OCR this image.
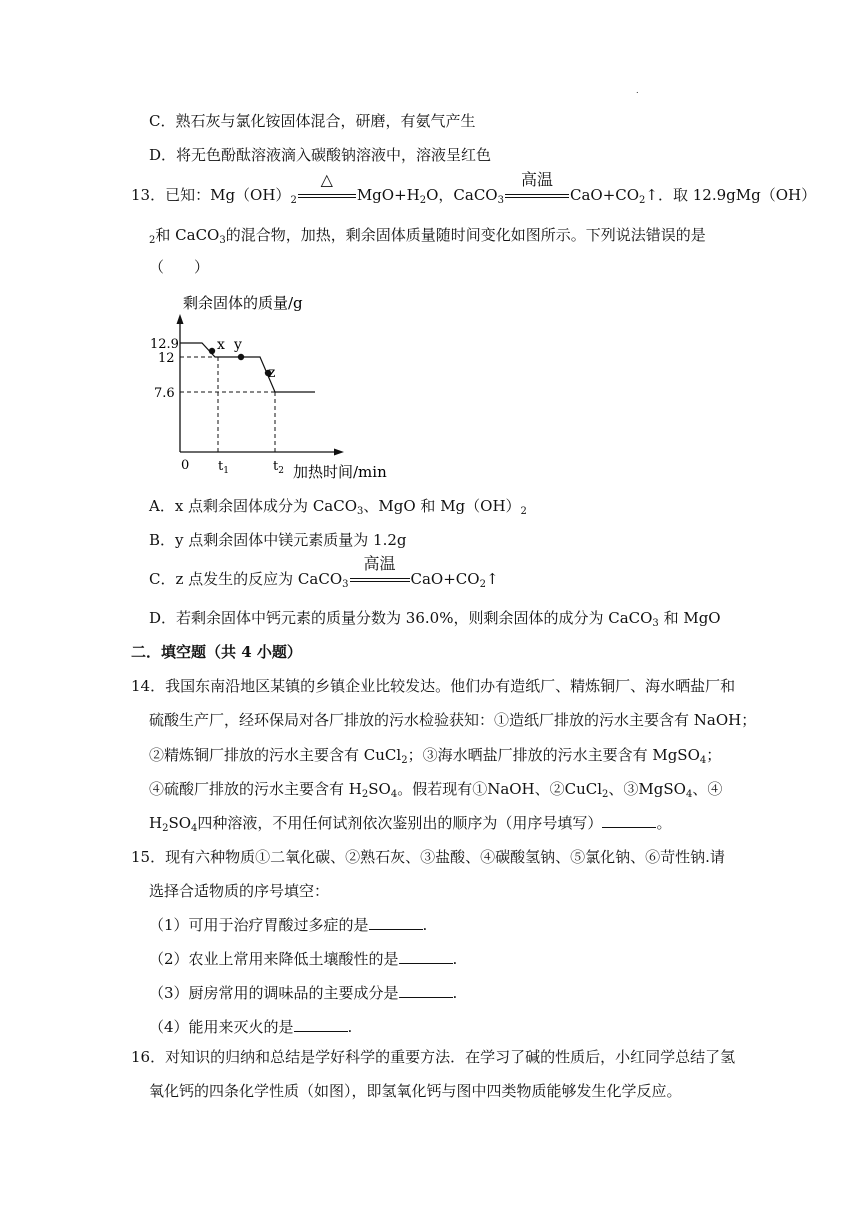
.
C．熟石灰与氯化铵固体混合，研磨，有氨气产生
D．将无色酚酞溶液滴入碳酸钠溶液中，溶液呈红色
13．已知：$Mg(OH)_2$
△
$MgO+H_2O$，CaCO$_3$
高温
$CaO+CO_2↑$．取 12.9gMg（OH）
$_2$和 CaCO$_3$的混合物，加热，剩余固体质量随时间变化如图所示。下列说法错误的是
（　　）
剩余固体的质量/g
加热时间/min
0
12.9
12
7.6
$t_1$	$t_2$
x y
z
A．x 点剩余固体成分为 CaCO$_3$、MgO 和 $Mg(OH)_2$
B．y 点剩余固体中镁元素质量为 1.2g
C．z 点发生的反应为 CaCO$_3$
高温
$CaO+CO_2↑$
D．若剩余固体中钙元素的质量分数为 36.0%，则剩余固体的成分为 CaCO$_3$ 和 MgO
二．填空题（共 4 小题）
14．我国东南沿地区某镇的乡镇企业比较发达。他们办有造纸厂、精炼铜厂、海水晒盐厂和
硫酸生产厂，经环保局对各厂排放的污水检验获知：①造纸厂排放的污水主要含有 NaOH；
②精炼铜厂排放的污水主要含有 CuCl$_2$；③海水晒盐厂排放的污水主要含有 MgSO$_4$；
④硫酸厂排放的污水主要含有 $H_2SO_4$。假若现有①NaOH、②CuCl$_2$、③MgSO$_4$、④
$H_2SO_4$四种溶液，不用任何试剂依次鉴别出的顺序为（用序号填写）	。
15．现有六种物质①二氧化碳、②熟石灰、③盐酸、④碳酸氢钠、⑤氯化钠、⑥苛性钠.请
选择合适物质的序号填空：
（1）可用于治疗胃酸过多症的是	.
（2）农业上常用来降低土壤酸性的是	.
（3）厨房常用的调味品的主要成分是	.
（4）能用来灭火的是	.
16．对知识的归纳和总结是学好科学的重要方法．在学习了碱的性质后，小红同学总结了氢
氧化钙的四条化学性质（如图），即氢氧化钙与图中四类物质能够发生化学反应。
